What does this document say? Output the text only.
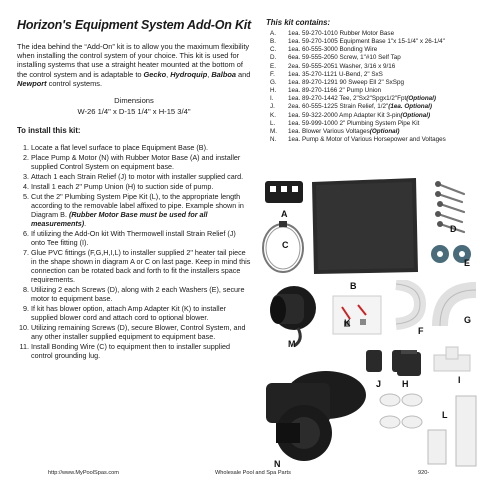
Horizon's Equipment System Add-On Kit

The idea behind the “Add-On” kit is to allow you the maximum flexibility when installing the control system of your choice. This kit is used for installing systems that use a straight heater mounted at the bottom of the control system and is adaptable to Gecko, Hydroquip, Balboa and Newport control systems.

Dimensions
W-26 1/4" x D-15 1/4" x H-15 3/4"
To install this kit:
1. Locate a flat level surface to place Equipment Base (B).
2. Place Pump & Motor (N) with Rubber Motor Base (A) and installer supplied Control System on equipment base.
3. Attach 1 each Strain Relief (J) to motor with installer supplied card.
4. Install 1 each 2" Pump Union (H) to suction side of pump.
5. Cut the 2" Plumbing System Pipe Kit (L), to the appropriate length according to the removable label affixed to pipe. Example shown in Diagram B. (Rubber Motor Base must be used for all measurements).
6. If utilizing the Add-On kit With Thermowell install Strain Relief (J) onto Tee fitting (I).
7. Glue PVC fittings (F,G,H,I,L) to installer supplied 2" heater tail piece in the shape shown in diagram A or C on last page. Keep in mind this connection can be rotated back and forth to fit the installers space requirements.
8. Utilizing 2 each Screws (D), along with 2 each Washers (E), secure motor to equipment base.
9. If kit has blower option, attach Amp Adapter Kit (K) to installer supplied blower cord and attach cord to optional blower.
10. Utilizing remaining Screws (D), secure Blower, Control System, and any other installer supplied equipment to equipment base.
11. Install Bonding Wire (C) to equipment then to installer supplied control grounding lug.
This kit contains:
A.	1ea. 59-270-1010 Rubber Motor Base
B.	1ea. 59-270-1005 Equipment Base 1"x 15-1/4" x 26-1/4"
C.	1ea. 60-555-3000 Bonding Wire
D.	6ea. 59-555-2050 Screw, 1"#10 Self Tap
E.	2ea. 59-555-2051 Washer, 3/16 x 9/16
F.	1ea. 35-270-1121 U-Bend, 2" SxS
G.	1ea. 89-270-1291 90 Sweep Ell 2" SxSpg
H.	1ea. 89-270-1166 2" Pump Union
I.	1ea. 89-270-1442 Tee, 2"Sx2"Spgx1/2"Fpt (Optional)
J.	2ea. 60-555-1225 Strain Relief, 1/2" (1ea. Optional)
K.	1ea. 59-322-2000 Amp Adapter Kit 3-pin (Optional)
L.	1ea. 59-999-1000 2" Plumbing System Pipe Kit
M.	1ea. Blower Various Voltages (Optional)
N.	1ea. Pump & Motor of Various Horsepower and Voltages
A
C
B
D
E
M
K
F
G
J H	I
N
L
http://www.MyPoolSpas.com	Wholesale Pool and Spa Parts	920-
